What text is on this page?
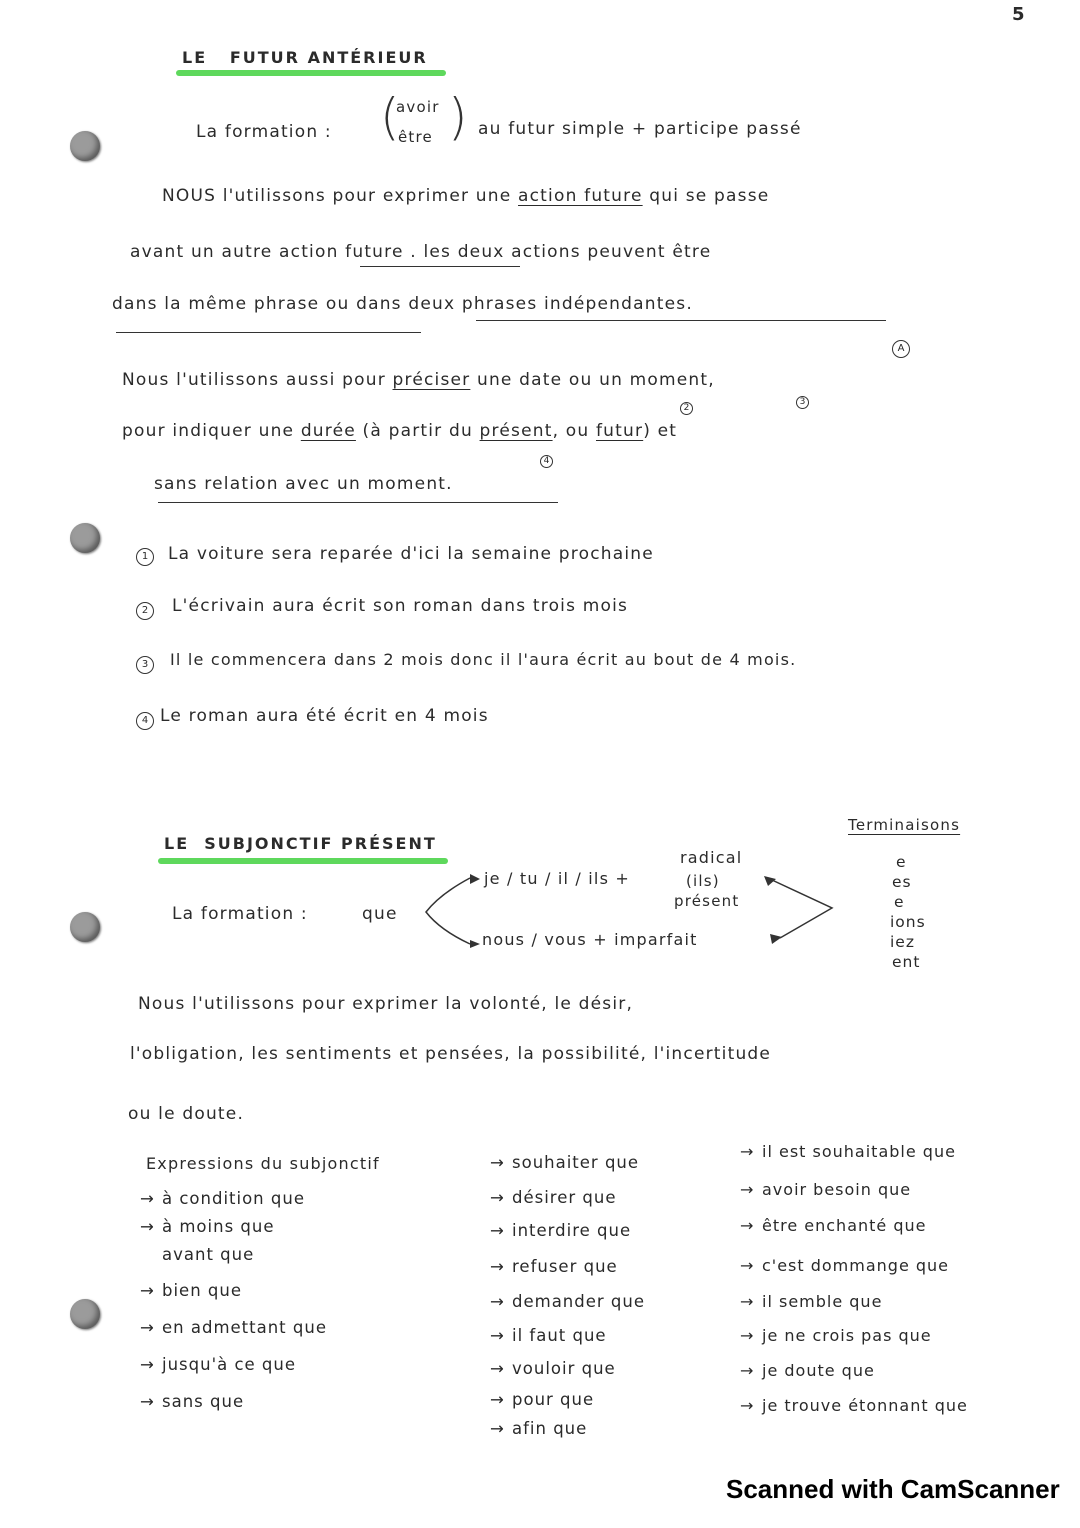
5
LE FUTUR ANTÉRIEUR
La formation : (
avoir
être ) au futur simple + participe passé
NOUS l'utilissons pour exprimer une action future qui se passe
avant un autre action future . les deux actions peuvent être
dans la même phrase ou dans deux phrases indépendantes.
Nous l'utilissons aussi pour préciser une date ou un moment,
A
pour indiquer une durée (à partir du présent, ou futur) et
2
3
sans relation avec un moment.
4
1	La voiture sera reparée d'ici la semaine prochaine
2	L'écrivain aura écrit son roman dans trois mois
3	Il le commencera dans 2 mois donc il l'aura écrit au bout de 4 mois.
4 Le roman aura été écrit en 4 mois
LE SUBJONCTIF PRÉSENT
La formation :	que
je / tu / il / ils +
radical
(ils)
présent
nous / vous + imparfait
Terminaisons
e
es
e
ions
iez
ent
Nous l'utilissons pour exprimer la volonté, le désir,
l'obligation, les sentiments et pensées, la possibilité, l'incertitude
ou le doute.
Expressions du subjonctif
→ à condition que
→ à moins que
avant que
→ bien que
→ en admettant que
→ jusqu'à ce que
→ sans que
→ souhaiter que
→ désirer que
→ interdire que
→ refuser que
→ demander que
→ il faut que
→ vouloir que
→ pour que
→ afin que
→ il est souhaitable que
→ avoir besoin que
→ être enchanté que
→ c'est dommange que
→ il semble que
→ je ne crois pas que
→ je doute que
→ je trouve étonnant que
Scanned with CamScanner
